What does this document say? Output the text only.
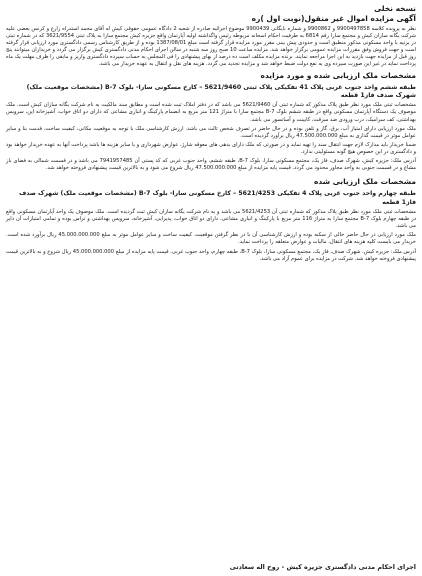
نسخه نخلی
آگهی مزایده اموال غیر منقول(نوبت اول )ره

نظر به پرونده کلاسه 9900497858 و 9900862 و شماره بایگانی 9900439 موضوع اجرائیه صادره از شعبه 2 دادگاه عمومی حقوقی کیش له آقای محمد استدراه زارع و کرنس بعضی علیه شرکت یگانه سازان کیش و مجتمع سارا رقم 6814 به طرفیت احکام اسحانه مربوطه رئیس واگذاشته اولیه آپارتمان واقع جزیره کیش مجتمع سارا به پلاک ثبتی 3621/9554 که در شماره ثبتی در یرتیه با واحد مسکونی مذکور منطبق است و حدودی پیش بینی مقرر مورد مزایده قرار گرفته است مبلغ 1387/08/01 بوده و از طریق کارشناس رسمی دادگستری مورد ارزیابی قرار گرفته است و جهت فروش وفق مقررات مزایده عمومی برگزار خواهد شد. مزایده ساعت 10 صبح روز سه شنبه در سالن اجرای احکام مدنی دادگستری کیش برگزار می گردد و خریداران میتوانند پنج روز قبل از مزایده جهت بازدید به این اجرا مراجعه نمایند. برنده مزایده مکلف است ده درصد از بهای پیشنهادی را فی المجلس به حساب سپرده دادگستری واریز و مابقی را ظرف مهلت یک ماه پرداخت نماید در غیر این صورت سپرده وی به نفع دولت ضبط خواهد شد و مزایده تجدید می گردد. هزینه های نقل و انتقال به عهده خریدار می باشد.

مشخصات ملک ارزیابی شده و مورد مزایده
طبقه ششم واحد جنوب غربی پلاک 41 تفکیکی پلاک ثبتی 5621/9460 – کارخ مسکونی سارا- بلوک B-7 (مشخصات موقعیت ملک) شهرک صدف فاز1 قطعه

مشخصات ثبتی ملک مورد نظر طبق پلاک مذکور که شماره ثبتی آن 5621/9460 می باشد که در دفتر املاک ثبت شده است و مطابق سند مالکیت به نام شرکت یگانه سازان کیش است. ملک موصوف یک دستگاه آپارتمان مسکونی واقع در طبقه ششم بلوک B-7 مجتمع سارا با متراژ 121 متر مربع به انضمام پارکینگ و انباری مشاعی که دارای دو اتاق خواب، آشپزخانه اپن، سرویس بهداشتی، کف سرامیک، درب ورودی ضد سرقت، کابینت و آسانسور می باشد.

ملک مورد ارزیابی دارای امتیاز آب، برق، گاز و تلفن بوده و در حال حاضر در تصرف شخص ثالث می باشد. ارزش کارشناسی ملک با توجه به موقعیت مکانی، کیفیت ساخت، قدمت بنا و سایر عوامل موثر در قیمت گذاری به مبلغ 47.500.000.000 ریال برآورد گردیده است.

ضمنا خریدار باید مدارک لازم جهت انتقال سند را تهیه نماید و در صورتی که ملک دارای بدهی های معوقه شارژ، عوارض شهرداری و یا سایر هزینه ها باشد پرداخت آنها به عهده خریدار خواهد بود و دادگستری در این خصوص هیچ گونه مسئولیتی ندارد.

آدرس ملک: جزیره کیش، شهرک صدف، فاز یک، مجتمع مسکونی سارا، بلوک B-7، طبقه ششم، واحد جنوب غربی که کد پستی آن 7941957485 می باشد و در قسمت شمالی به فضای باز مشاع و در قسمت جنوبی به واحد مجاور محدود می گردد. قیمت پایه مزایده از مبلغ 47.500.000.000 ریال شروع می شود و به بالاترین قیمت پیشنهادی فروخته خواهد شد.

مشخصات ملک ارزیابی شده
طبقه چهارم واحد جنوب غربی پلاک 4 تفکیکی 5621/4253 – کارخ مسکونی سارا- بلوک B-7 (مشخصات موقعیت ملک) شهرک صدف فاز1 قطعه

مشخصات ثبتی ملک مورد نظر طبق پلاک مذکور که شماره ثبتی آن 5621/4253 می باشد و به نام شرکت یگانه سازان کیش ثبت گردیده است. ملک موصوف یک واحد آپارتمان مسکونی واقع در طبقه چهارم بلوک B-7 مجتمع سارا به متراژ 116 متر مربع با پارکینگ و انباری مشاعی، دارای دو اتاق خواب، پذیرایی، آشپزخانه، سرویس بهداشتی و تراس بوده و تمامی امتیازات آن دایر می باشد.

ملک مورد ارزیابی در حال حاضر خالی از سکنه بوده و ارزش کارشناسی آن با در نظر گرفتن موقعیت، کیفیت ساخت و سایر عوامل موثر به مبلغ 45.000.000.000 ریال برآورد شده است. خریدار می بایست کلیه هزینه های انتقال، مالیات و عوارض متعلقه را پرداخت نماید.

آدرس ملک: جزیره کیش، شهرک صدف، فاز یک، مجتمع مسکونی سارا، بلوک B-7، طبقه چهارم، واحد جنوب غربی. قیمت پایه مزایده از مبلغ 45.000.000.000 ریال شروع و به بالاترین قیمت پیشنهادی فروخته خواهد شد. شرکت در مزایده برای عموم آزاد می باشد.

اجرای احکام مدنی دادگستری جزیره کیش - روح اله سعادتی
